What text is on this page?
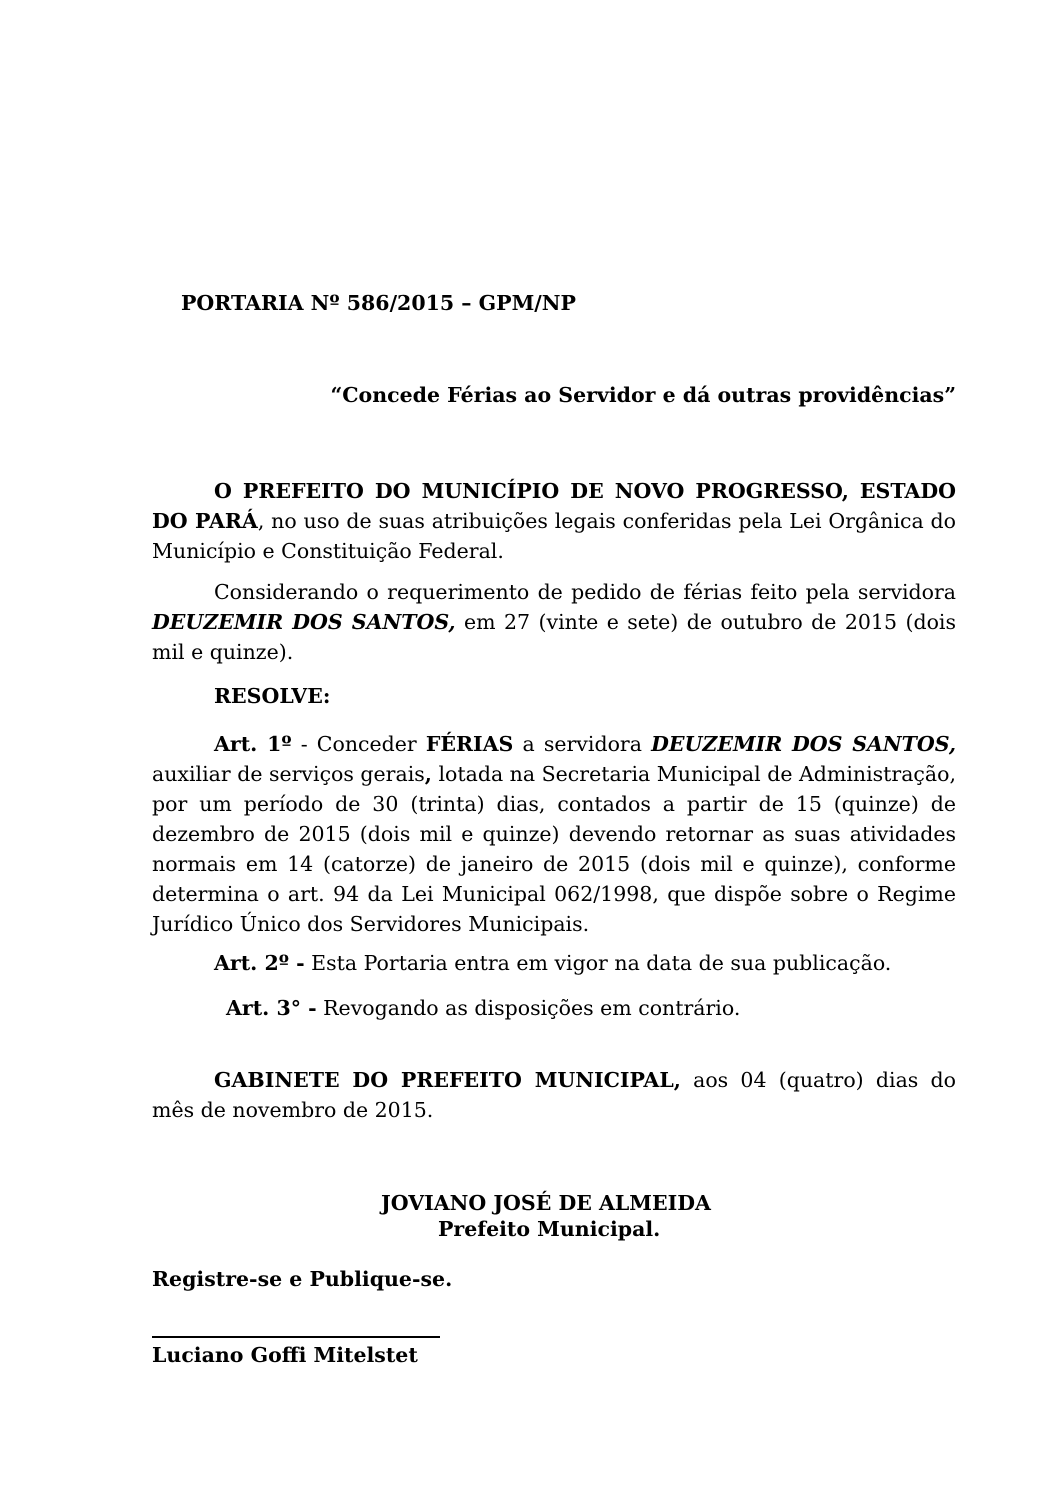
PORTARIA Nº 586/2015 – GPM/NP
“Concede Férias ao Servidor e dá outras providências”
O PREFEITO DO MUNICÍPIO DE NOVO PROGRESSO, ESTADO DO PARÁ, no uso de suas atribuições legais conferidas pela Lei Orgânica do Município e Constituição Federal.
Considerando o requerimento de pedido de férias feito pela servidora DEUZEMIR DOS SANTOS, em 27 (vinte e sete) de outubro de 2015 (dois mil e quinze).
RESOLVE:
Art. 1º - Conceder FÉRIAS a servidora DEUZEMIR DOS SANTOS, auxiliar de serviços gerais, lotada na Secretaria Municipal de Administração, por um período de 30 (trinta) dias, contados a partir de 15 (quinze) de dezembro de 2015 (dois mil e quinze) devendo retornar as suas atividades normais em 14 (catorze) de janeiro de 2015 (dois mil e quinze), conforme determina o art. 94 da Lei Municipal 062/1998, que dispõe sobre o Regime Jurídico Único dos Servidores Municipais.
Art. 2º - Esta Portaria entra em vigor na data de sua publicação.
Art. 3° - Revogando as disposições em contrário.
GABINETE DO PREFEITO MUNICIPAL, aos 04 (quatro) dias do mês de novembro de 2015.
JOVIANO JOSÉ DE ALMEIDA
Prefeito Municipal.
Registre-se e Publique-se.
Luciano Goffi Mitelstet
